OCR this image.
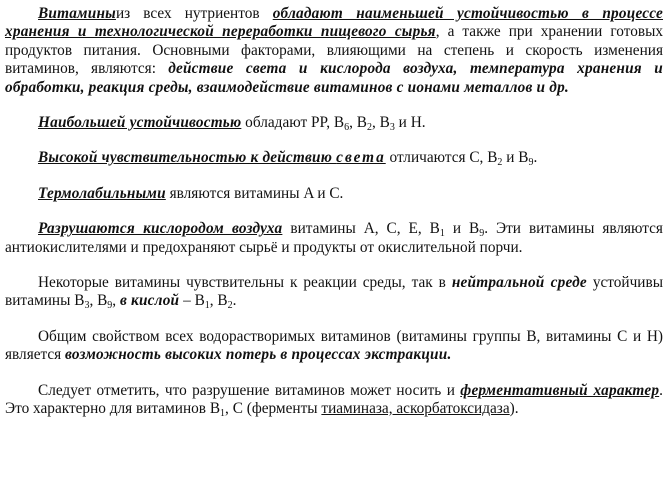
Витаминыиз всех нутриентов обладают наименьшей устойчивостью в процессе хранения и технологической переработки пищевого сырья, а также при хранении готовых продуктов питания. Основными факторами, влияющими на степень и скорость изменения витаминов, являются: действие света и кислорода воздуха, температура хранения и обработки, реакция среды, взаимодействие витаминов с ионами металлов и др.

Наибольшей устойчивостью обладают PP, $B_6$, $B_2$, $B_3$ и H.

Высокой чувствительностью к действию света отличаются C, $B_2$ и $B_9$.

Термолабильными являются витамины A и C.

Разрушаются кислородом воздуха витамины A, C, E, $B_1$ и $B_9$. Эти витамины являются антиокислителями и предохраняют сырьё и продукты от окислительной порчи.

Некоторые витамины чувствительны к реакции среды, так в нейтральной среде устойчивы витамины $B_3$, $B_9$, в кислой – $B_1$, $B_2$.

Общим свойством всех водорастворимых витаминов (витамины группы B, витамины C и H) является возможность высоких потерь в процессах экстракции.

Следует отметить, что разрушение витаминов может носить и ферментативный характер. Это характерно для витаминов $B_1$, C (ферменты тиаминаза, аскорбатоксидаза).
